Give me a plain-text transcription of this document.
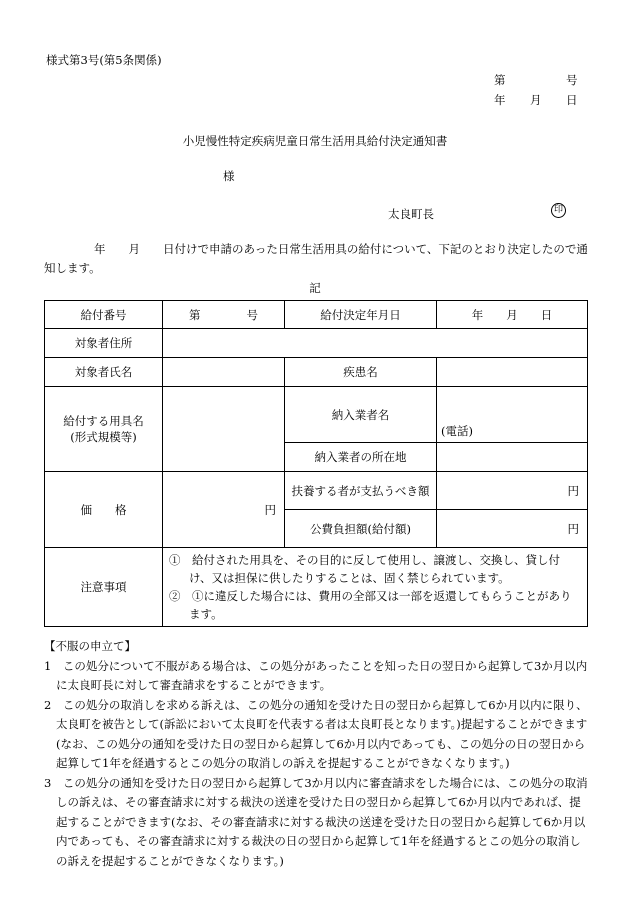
様式第3号(第5条関係)
第	号
年 月 日
小児慢性特定疾病児童日常生活用具給付決定通知書
様
太良町長	印
年　　月　　日付けで申請のあった日常生活用具の給付について、下記のとおり決定したので通知します。
記
給付番号	第　　　　号	給付決定年月日	年　　月　　日
対象者住所			
対象者氏名		疾患名	

給付する用具名
(形式規模等)		納入業者名	(電話)
		納入業者の所在地	
価　　格	円	扶養する者が支払うべき額	円
		公費負担額(給付額)	円
注意事項	①　給付された用具を、その目的に反して使用し、譲渡し、交換し、貸し付け、又は担保に供したりすることは、固く禁じられています。
②　①に違反した場合には、費用の全部又は一部を返還してもらうことがあります。		
【不服の申立て】
1　この処分について不服がある場合は、この処分があったことを知った日の翌日から起算して3か月以内に太良町長に対して審査請求をすることができます。
2　この処分の取消しを求める訴えは、この処分の通知を受けた日の翌日から起算して6か月以内に限り、太良町を被告として(訴訟において太良町を代表する者は太良町長となります。)提起することができます(なお、この処分の通知を受けた日の翌日から起算して6か月以内であっても、この処分の日の翌日から起算して1年を経過するとこの処分の取消しの訴えを提起することができなくなります。)
3　この処分の通知を受けた日の翌日から起算して3か月以内に審査請求をした場合には、この処分の取消しの訴えは、その審査請求に対する裁決の送達を受けた日の翌日から起算して6か月以内であれば、提起することができます(なお、その審査請求に対する裁決の送達を受けた日の翌日から起算して6か月以内であっても、その審査請求に対する裁決の日の翌日から起算して1年を経過するとこの処分の取消しの訴えを提起することができなくなります。)
